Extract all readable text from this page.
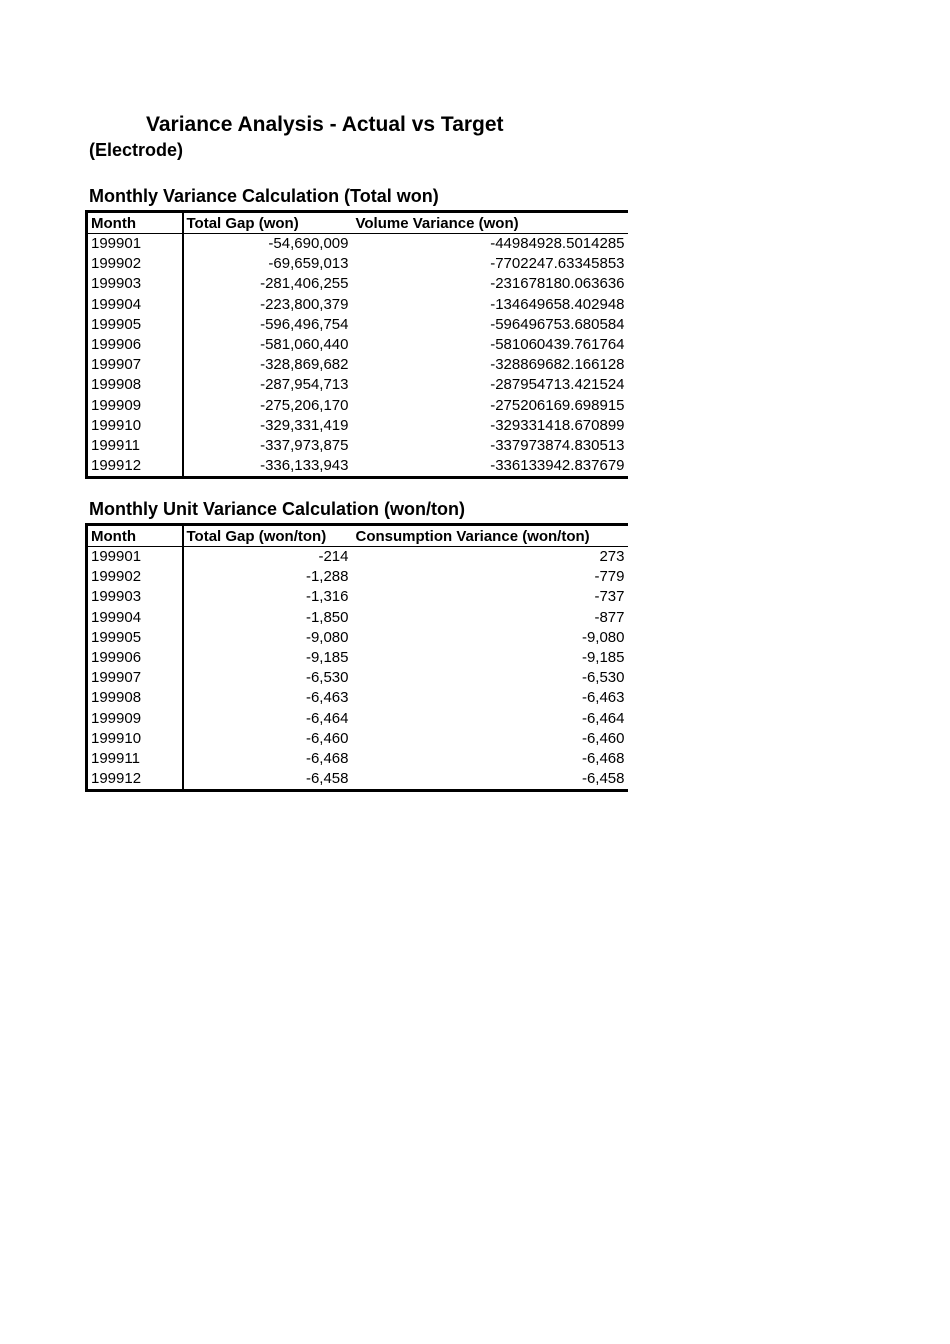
Variance Analysis - Actual vs Target
(Electrode)
Monthly Variance Calculation (Total won)
Month	Total Gap (won)	Volume Variance (won)
199901	-54,690,009	-44984928.5014285
199902	-69,659,013	-7702247.63345853
199903	-281,406,255	-231678180.063636
199904	-223,800,379	-134649658.402948
199905	-596,496,754	-596496753.680584
199906	-581,060,440	-581060439.761764
199907	-328,869,682	-328869682.166128
199908	-287,954,713	-287954713.421524
199909	-275,206,170	-275206169.698915
199910	-329,331,419	-329331418.670899
199911	-337,973,875	-337973874.830513
199912	-336,133,943	-336133942.837679
Monthly Unit Variance Calculation (won/ton)
Month	Total Gap (won/ton)	Consumption Variance (won/ton)
199901	-214	273
199902	-1,288	-779
199903	-1,316	-737
199904	-1,850	-877
199905	-9,080	-9,080
199906	-9,185	-9,185
199907	-6,530	-6,530
199908	-6,463	-6,463
199909	-6,464	-6,464
199910	-6,460	-6,460
199911	-6,468	-6,468
199912	-6,458	-6,458
